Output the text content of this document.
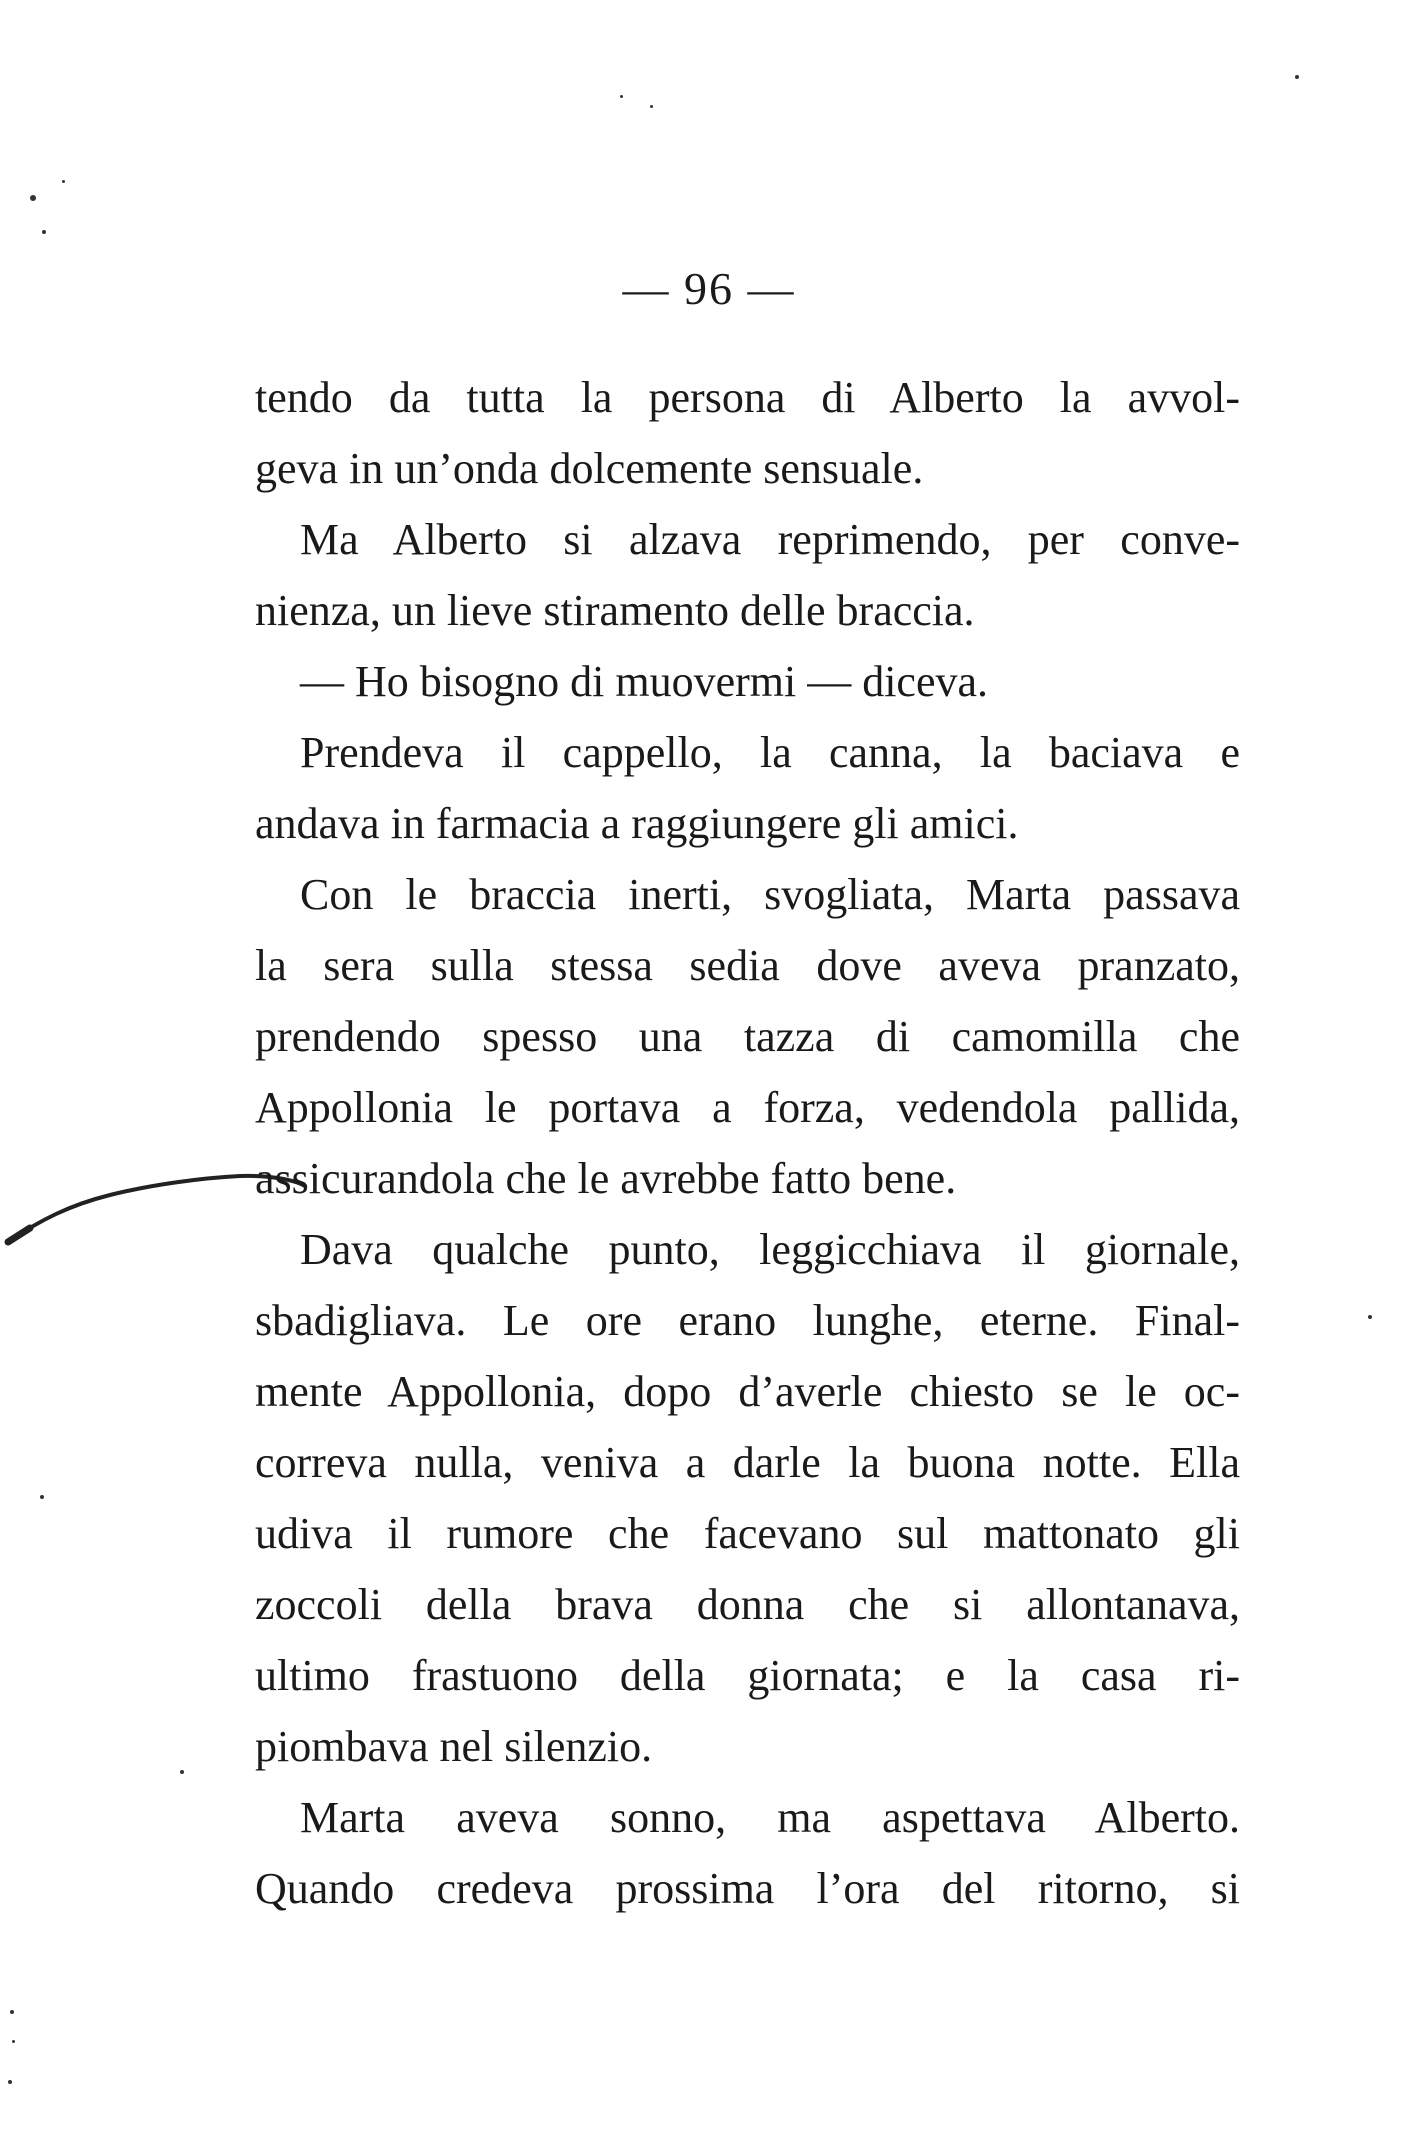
— 96 —
tendo da tutta la persona di Alberto la avvol-
geva in un’onda dolcemente sensuale.
Ma Alberto si alzava reprimendo, per conve-
nienza, un lieve stiramento delle braccia.
— Ho bisogno di muovermi — diceva.
Prendeva il cappello, la canna, la baciava e
andava in farmacia a raggiungere gli amici.
Con le braccia inerti, svogliata, Marta passava
la sera sulla stessa sedia dove aveva pranzato,
prendendo spesso una tazza di camomilla che
Appollonia le portava a forza, vedendola pallida,
assicurandola che le avrebbe fatto bene.
Dava qualche punto, leggicchiava il giornale,
sbadigliava. Le ore erano lunghe, eterne. Final-
mente Appollonia, dopo d’averle chiesto se le oc-
correva nulla, veniva a darle la buona notte. Ella
udiva il rumore che facevano sul mattonato gli
zoccoli della brava donna che si allontanava,
ultimo frastuono della giornata; e la casa ri-
piombava nel silenzio.
Marta aveva sonno, ma aspettava Alberto.
Quando credeva prossima l’ora del ritorno, si
